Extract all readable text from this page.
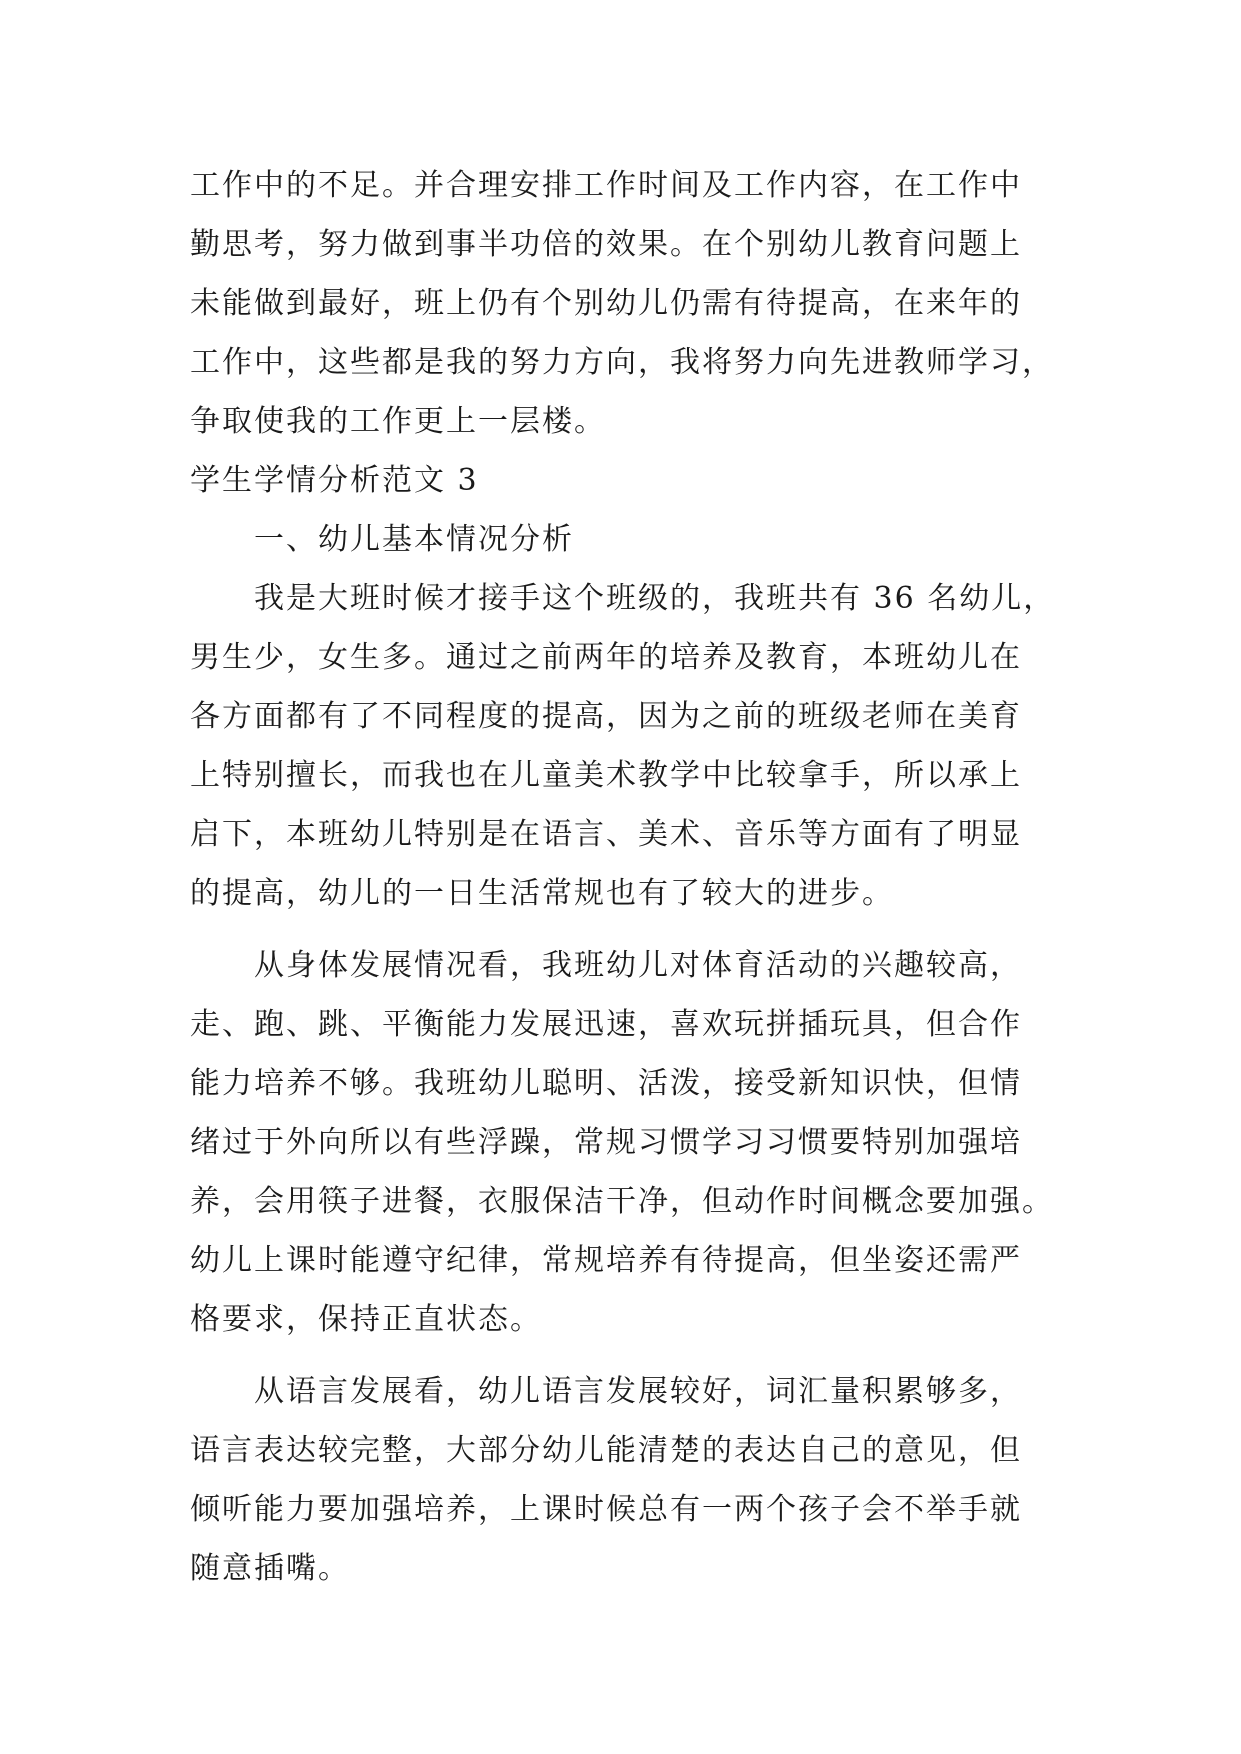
工作中的不足。并合理安排工作时间及工作内容，在工作中
勤思考，努力做到事半功倍的效果。在个别幼儿教育问题上
未能做到最好，班上仍有个别幼儿仍需有待提高，在来年的
工作中，这些都是我的努力方向，我将努力向先进教师学习，
争取使我的工作更上一层楼。
学生学情分析范文 3
一、幼儿基本情况分析
我是大班时候才接手这个班级的，我班共有 36 名幼儿，
男生少，女生多。通过之前两年的培养及教育，本班幼儿在
各方面都有了不同程度的提高，因为之前的班级老师在美育
上特别擅长，而我也在儿童美术教学中比较拿手，所以承上
启下，本班幼儿特别是在语言、美术、音乐等方面有了明显
的提高，幼儿的一日生活常规也有了较大的进步。
从身体发展情况看，我班幼儿对体育活动的兴趣较高，
走、跑、跳、平衡能力发展迅速，喜欢玩拼插玩具，但合作
能力培养不够。我班幼儿聪明、活泼，接受新知识快，但情
绪过于外向所以有些浮躁，常规习惯学习习惯要特别加强培
养，会用筷子进餐，衣服保洁干净，但动作时间概念要加强。
幼儿上课时能遵守纪律，常规培养有待提高，但坐姿还需严
格要求，保持正直状态。
从语言发展看，幼儿语言发展较好，词汇量积累够多，
语言表达较完整，大部分幼儿能清楚的表达自己的意见，但
倾听能力要加强培养，上课时候总有一两个孩子会不举手就
随意插嘴。
